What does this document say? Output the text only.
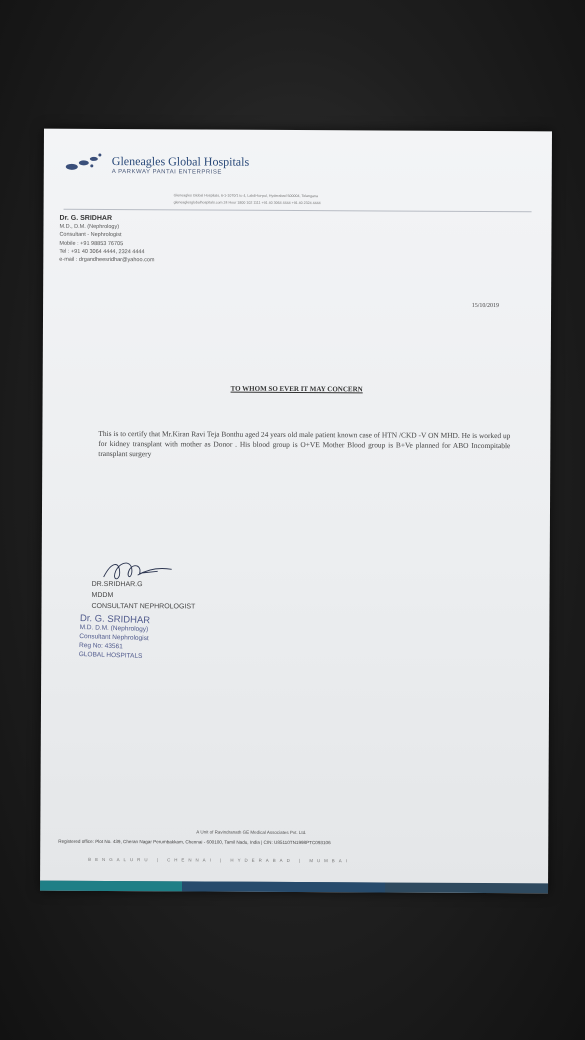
Gleneagles Global Hospitals
A PARKWAY PANTAI ENTERPRISE
Gleneagles Global Hospitals, 6-1-1070/1 to 4, Lakdi-ka-pul, Hyderabad 500004, Telangana
gleneaglesglobalhospitals.com 24 Hour 1800 102 1111 +91 40 3064 4444 +91 40 2324 4444
Dr. G. SRIDHAR
M.D., D.M. (Nephrology)
Consultant - Nephrologist
Mobile : +91 98853 76705
Tel : +91 40 3064 4444, 2324 4444
e-mail : drgandheesridhar@yahoo.com
15/10/2019
TO WHOM SO EVER IT MAY CONCERN
This is to certify that Mr.Kiran Ravi Teja Bonthu aged 24 years old male patient known case of HTN /CKD -V ON MHD. He is worked up for kidney transplant with mother as Donor . His blood group is O+VE Mother Blood group is B+Ve planned for ABO Incompitable transplant surgery
DR.SRIDHAR.G
MDDM
CONSULTANT NEPHROLOGIST
Dr. G. SRIDHAR
M.D. D.M. (Nephrology)
Consultant Nephrologist
Reg No: 43561
GLOBAL HOSPITALS
A Unit of Ravindranath GE Medical Associates Pvt. Ltd.
Registered office: Plot No. 439, Cheran Nagar Perumbakkam, Chennai - 600100, Tamil Nadu, India | CIN: U85110TN1998PTC093106
BENGALURU | CHENNAI | HYDERABAD | MUMBAI
